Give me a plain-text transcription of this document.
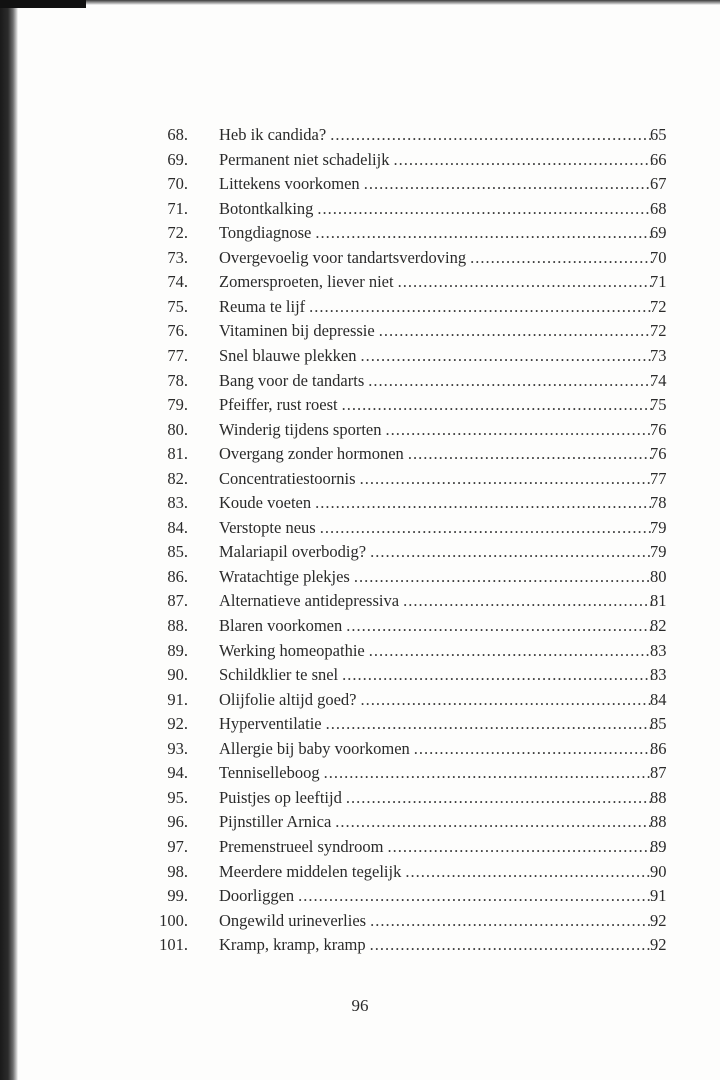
68. Heb ik candida? .....	65
69. Permanent niet schadelijk .....	66
70. Littekens voorkomen .....	67
71. Botontkalking .....	68
72. Tongdiagnose .....	69
73. Overgevoelig voor tandartsverdoving .....	70
74. Zomersproeten, liever niet .....	71
75. Reuma te lijf .....	72
76. Vitaminen bij depressie .....	72
77. Snel blauwe plekken .....	73
78. Bang voor de tandarts .....	74
79. Pfeiffer, rust roest .....	75
80. Winderig tijdens sporten .....	76
81. Overgang zonder hormonen .....	76
82. Concentratiestoornis .....	77
83. Koude voeten .....	78
84. Verstopte neus .....	79
85. Malariapil overbodig? .....	79
86. Wratachtige plekjes .....	80
87. Alternatieve antidepressiva .....	81
88. Blaren voorkomen .....	82
89. Werking homeopathie .....	83
90. Schildklier te snel .....	83
91. Olijfolie altijd goed? .....	84
92. Hyperventilatie .....	85
93. Allergie bij baby voorkomen .....	86
94. Tenniselleboog .....	87
95. Puistjes op leeftijd .....	88
96. Pijnstiller Arnica .....	88
97. Premenstrueel syndroom .....	89
98. Meerdere middelen tegelijk .....	90
99. Doorliggen .....	91
100. Ongewild urineverlies .....	92
101. Kramp, kramp, kramp .....	92
96
